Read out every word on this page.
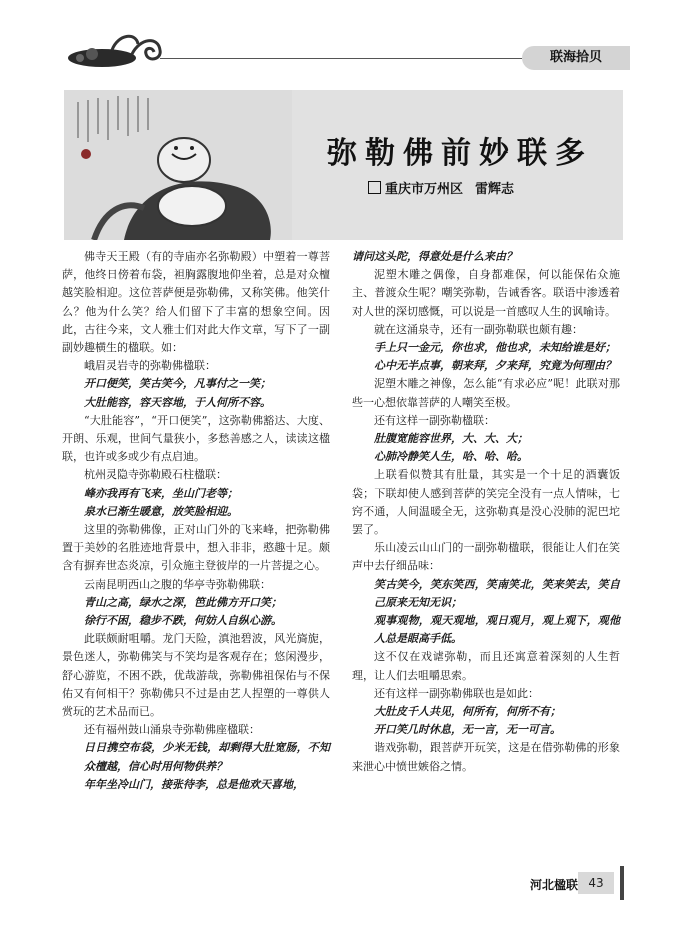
联海拾贝
弥勒佛前妙联多
重庆市万州区 雷辉志

佛寺天王殿（有的寺庙亦名弥勒殿）中塑着一尊菩萨，他终日傍着布袋，袒胸露腹地仰坐着，总是对众檀越笑脸相迎。这位菩萨便是弥勒佛，又称笑佛。他笑什么？他为什么笑？给人们留下了丰富的想象空间。因此，古往今来，文人雅士们对此大作文章，写下了一副副妙趣横生的楹联。如：

峨眉灵岩寺的弥勒佛楹联：

开口便笑，笑古笑今，凡事付之一笑；

大肚能容，容天容地，于人何所不容。

“大肚能容”，“开口便笑”，这弥勒佛豁达、大度、开朗、乐观，世间气量狭小，多愁善感之人，读读这楹联，也许或多或少有点启迪。

杭州灵隐寺弥勒殿石柱楹联：

峰亦我再有飞来，坐山门老等；

泉水已渐生暖意，放笑脸相迎。

这里的弥勒佛像，正对山门外的飞来峰，把弥勒佛置于美妙的名胜迹地背景中，想入非非，憨趣十足。颇含有摒弃世态炎凉，引众施主登彼岸的一片菩提之心。

云南昆明西山之腹的华亭寺弥勒佛联：

青山之高，绿水之深，笆此佛方开口笑；

徐行不困，稳步不跌，何妨人自纵心游。

此联颇耐咀嚼。龙门天险，滇池碧波，风光旖旎，景色迷人，弥勒佛笑与不笑均是客观存在；悠闲漫步，舒心游览，不困不跌，优哉游哉，弥勒佛祖保佑与不保佑又有何相干？弥勒佛只不过是由艺人捏塑的一尊供人赏玩的艺术品而已。

还有福州鼓山涌泉寺弥勒佛座楹联：

日日携空布袋，少米无钱，却剩得大肚宽肠，不知众檀越，信心时用何物供养？

年年坐冷山门，接张待李，总是他欢天喜地，

请问这头陀，得意处是什么来由？

泥塑木雕之偶像，自身都难保，何以能保佑众施主、普渡众生呢？嘲笑弥勒，告诫香客。联语中渗透着对人世的深切感慨，可以说是一首感叹人生的讽喻诗。

就在这涌泉寺，还有一副弥勒联也颇有趣：

手上只一金元，你也求，他也求，未知给谁是好；

心中无半点事，朝来拜，夕来拜，究竟为何理由？

泥塑木雕之神像，怎么能“有求必应”呢！此联对那些一心想依靠菩萨的人嘲笑至极。

还有这样一副弥勒楹联：

肚腹宽能容世界，大、大、大；

心肺冷静笑人生，哈、哈、哈。

上联看似赞其有肚量，其实是一个十足的酒囊饭袋；下联却使人感到菩萨的笑完全没有一点人情味，七窍不通，人间温暖全无，这弥勒真是没心没肺的泥巴坨罢了。

乐山凌云山山门的一副弥勒楹联，很能让人们在笑声中去仔细品味：

笑古笑今，笑东笑西，笑南笑北，笑来笑去，笑自己原来无知无识；

观事观物，观天观地，观日观月，观上观下，观他人总是眼高手低。

这不仅在戏谑弥勒，而且还寓意着深刻的人生哲理，让人们去咀嚼思索。

还有这样一副弥勒佛联也是如此：

大肚皮千人共见，何所有，何所不有；

开口笑几时休息，无一言，无一可言。

谐戏弥勒，跟菩萨开玩笑，这是在借弥勒佛的形象来泄心中愤世嫉俗之情。

河北楹联 43
